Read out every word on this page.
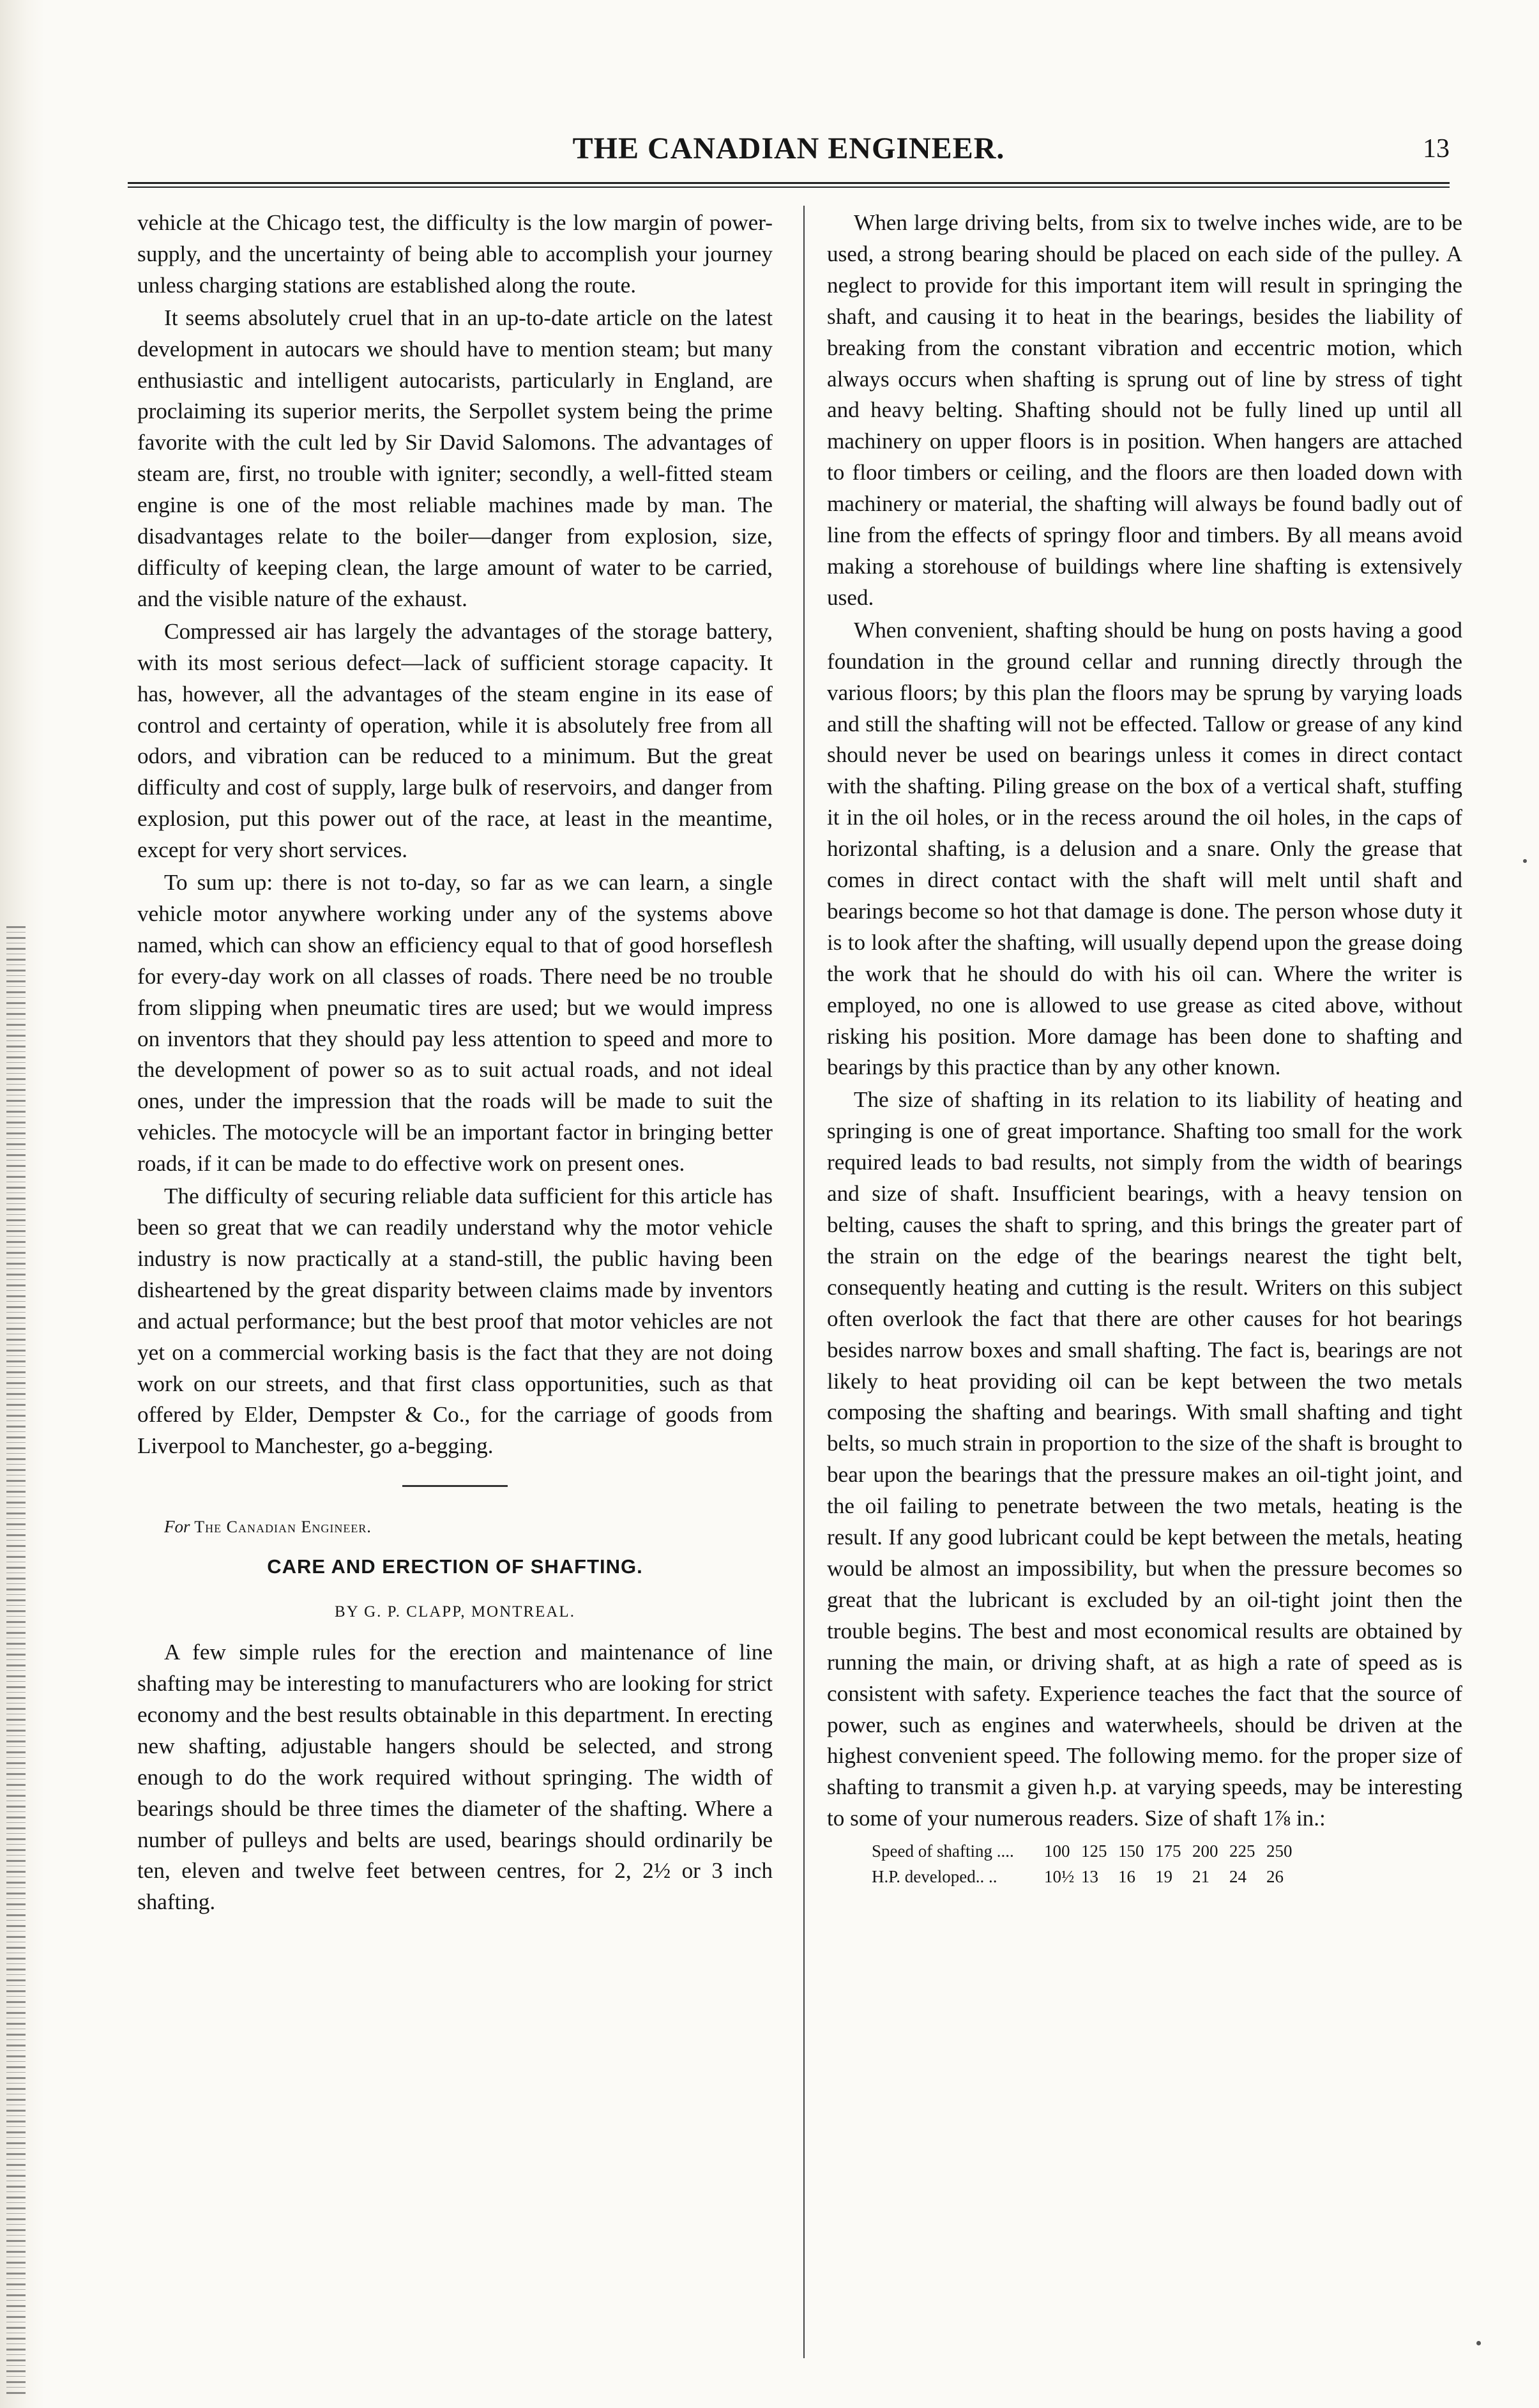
THE CANADIAN ENGINEER.	13

vehicle at the Chicago test, the difficulty is the low margin of power-supply, and the uncertainty of being able to accomplish your journey unless charging stations are established along the route.

It seems absolutely cruel that in an up-to-date article on the latest development in autocars we should have to mention steam; but many enthusiastic and intelligent autocarists, particularly in England, are proclaiming its superior merits, the Serpollet system being the prime favorite with the cult led by Sir David Salomons. The advantages of steam are, first, no trouble with igniter; secondly, a well-fitted steam engine is one of the most reliable machines made by man. The disadvantages relate to the boiler—danger from explosion, size, difficulty of keeping clean, the large amount of water to be carried, and the visible nature of the exhaust.

Compressed air has largely the advantages of the storage battery, with its most serious defect—lack of sufficient storage capacity. It has, however, all the advantages of the steam engine in its ease of control and certainty of operation, while it is absolutely free from all odors, and vibration can be reduced to a minimum. But the great difficulty and cost of supply, large bulk of reservoirs, and danger from explosion, put this power out of the race, at least in the meantime, except for very short services.

To sum up: there is not to-day, so far as we can learn, a single vehicle motor anywhere working under any of the systems above named, which can show an efficiency equal to that of good horseflesh for every-day work on all classes of roads. There need be no trouble from slipping when pneumatic tires are used; but we would impress on inventors that they should pay less attention to speed and more to the development of power so as to suit actual roads, and not ideal ones, under the impression that the roads will be made to suit the vehicles. The motocycle will be an important factor in bringing better roads, if it can be made to do effective work on present ones.

The difficulty of securing reliable data sufficient for this article has been so great that we can readily understand why the motor vehicle industry is now practically at a stand-still, the public having been disheartened by the great disparity between claims made by inventors and actual performance; but the best proof that motor vehicles are not yet on a commercial working basis is the fact that they are not doing work on our streets, and that first class opportunities, such as that offered by Elder, Dempster & Co., for the carriage of goods from Liverpool to Manchester, go a-begging.

For The Canadian Engineer.

CARE AND ERECTION OF SHAFTING.
BY G. P. CLAPP, MONTREAL.

A few simple rules for the erection and maintenance of line shafting may be interesting to manufacturers who are looking for strict economy and the best results obtainable in this department. In erecting new shafting, adjustable hangers should be selected, and strong enough to do the work required without springing. The width of bearings should be three times the diameter of the shafting. Where a number of pulleys and belts are used, bearings should ordinarily be ten, eleven and twelve feet between centres, for 2, 2½ or 3 inch shafting.

When large driving belts, from six to twelve inches wide, are to be used, a strong bearing should be placed on each side of the pulley. A neglect to provide for this important item will result in springing the shaft, and causing it to heat in the bearings, besides the liability of breaking from the constant vibration and eccentric motion, which always occurs when shafting is sprung out of line by stress of tight and heavy belting. Shafting should not be fully lined up until all machinery on upper floors is in position. When hangers are attached to floor timbers or ceiling, and the floors are then loaded down with machinery or material, the shafting will always be found badly out of line from the effects of springy floor and timbers. By all means avoid making a storehouse of buildings where line shafting is extensively used.

When convenient, shafting should be hung on posts having a good foundation in the ground cellar and running directly through the various floors; by this plan the floors may be sprung by varying loads and still the shafting will not be effected. Tallow or grease of any kind should never be used on bearings unless it comes in direct contact with the shafting. Piling grease on the box of a vertical shaft, stuffing it in the oil holes, or in the recess around the oil holes, in the caps of horizontal shafting, is a delusion and a snare. Only the grease that comes in direct contact with the shaft will melt until shaft and bearings become so hot that damage is done. The person whose duty it is to look after the shafting, will usually depend upon the grease doing the work that he should do with his oil can. Where the writer is employed, no one is allowed to use grease as cited above, without risking his position. More damage has been done to shafting and bearings by this practice than by any other known.

The size of shafting in its relation to its liability of heating and springing is one of great importance. Shafting too small for the work required leads to bad results, not simply from the width of bearings and size of shaft. Insufficient bearings, with a heavy tension on belting, causes the shaft to spring, and this brings the greater part of the strain on the edge of the bearings nearest the tight belt, consequently heating and cutting is the result. Writers on this subject often overlook the fact that there are other causes for hot bearings besides narrow boxes and small shafting. The fact is, bearings are not likely to heat providing oil can be kept between the two metals composing the shafting and bearings. With small shafting and tight belts, so much strain in proportion to the size of the shaft is brought to bear upon the bearings that the pressure makes an oil-tight joint, and the oil failing to penetrate between the two metals, heating is the result. If any good lubricant could be kept between the metals, heating would be almost an impossibility, but when the pressure becomes so great that the lubricant is excluded by an oil-tight joint then the trouble begins. The best and most economical results are obtained by running the main, or driving shaft, at as high a rate of speed as is consistent with safety. Experience teaches the fact that the source of power, such as engines and waterwheels, should be driven at the highest convenient speed. The following memo. for the proper size of shafting to transmit a given h.p. at varying speeds, may be interesting to some of your numerous readers. Size of shaft 1⅞ in.:

Speed of shafting ....	100 125 150 175 200 225 250
H.P. developed.. ..	10½ 13	16	19	21	24	26
